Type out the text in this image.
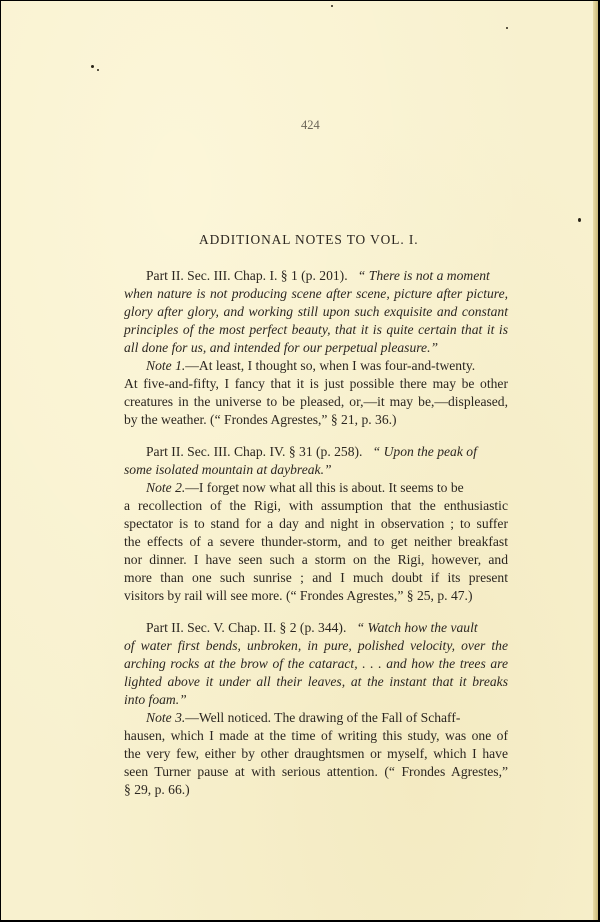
424
ADDITIONAL NOTES TO VOL. I.
Part II. Sec. III. Chap. I. § 1 (p. 201). “ There is not a moment
when nature is not producing scene after scene, picture after picture,
glory after glory, and working still upon such exquisite and constant
principles of the most perfect beauty, that it is quite certain that it is
all done for us, and intended for our perpetual pleasure.”
Note 1.—At least, I thought so, when I was four-and-twenty.
At five-and-fifty, I fancy that it is just possible there may be other
creatures in the universe to be pleased, or,—it may be,—displeased,
by the weather. (“ Frondes Agrestes,” § 21, p. 36.)
Part II. Sec. III. Chap. IV. § 31 (p. 258). “ Upon the peak of
some isolated mountain at daybreak.”
Note 2.—I forget now what all this is about. It seems to be
a recollection of the Rigi, with assumption that the enthusiastic
spectator is to stand for a day and night in observation ; to suffer
the effects of a severe thunder-storm, and to get neither breakfast
nor dinner. I have seen such a storm on the Rigi, however, and
more than one such sunrise ; and I much doubt if its present
visitors by rail will see more. (“ Frondes Agrestes,” § 25, p. 47.)
Part II. Sec. V. Chap. II. § 2 (p. 344). “ Watch how the vault
of water first bends, unbroken, in pure, polished velocity, over the
arching rocks at the brow of the cataract, . . . and how the trees are
lighted above it under all their leaves, at the instant that it breaks
into foam.”
Note 3.—Well noticed. The drawing of the Fall of Schaff-
hausen, which I made at the time of writing this study, was one of
the very few, either by other draughtsmen or myself, which I have
seen Turner pause at with serious attention. (“ Frondes Agrestes,”
§ 29, p. 66.)
